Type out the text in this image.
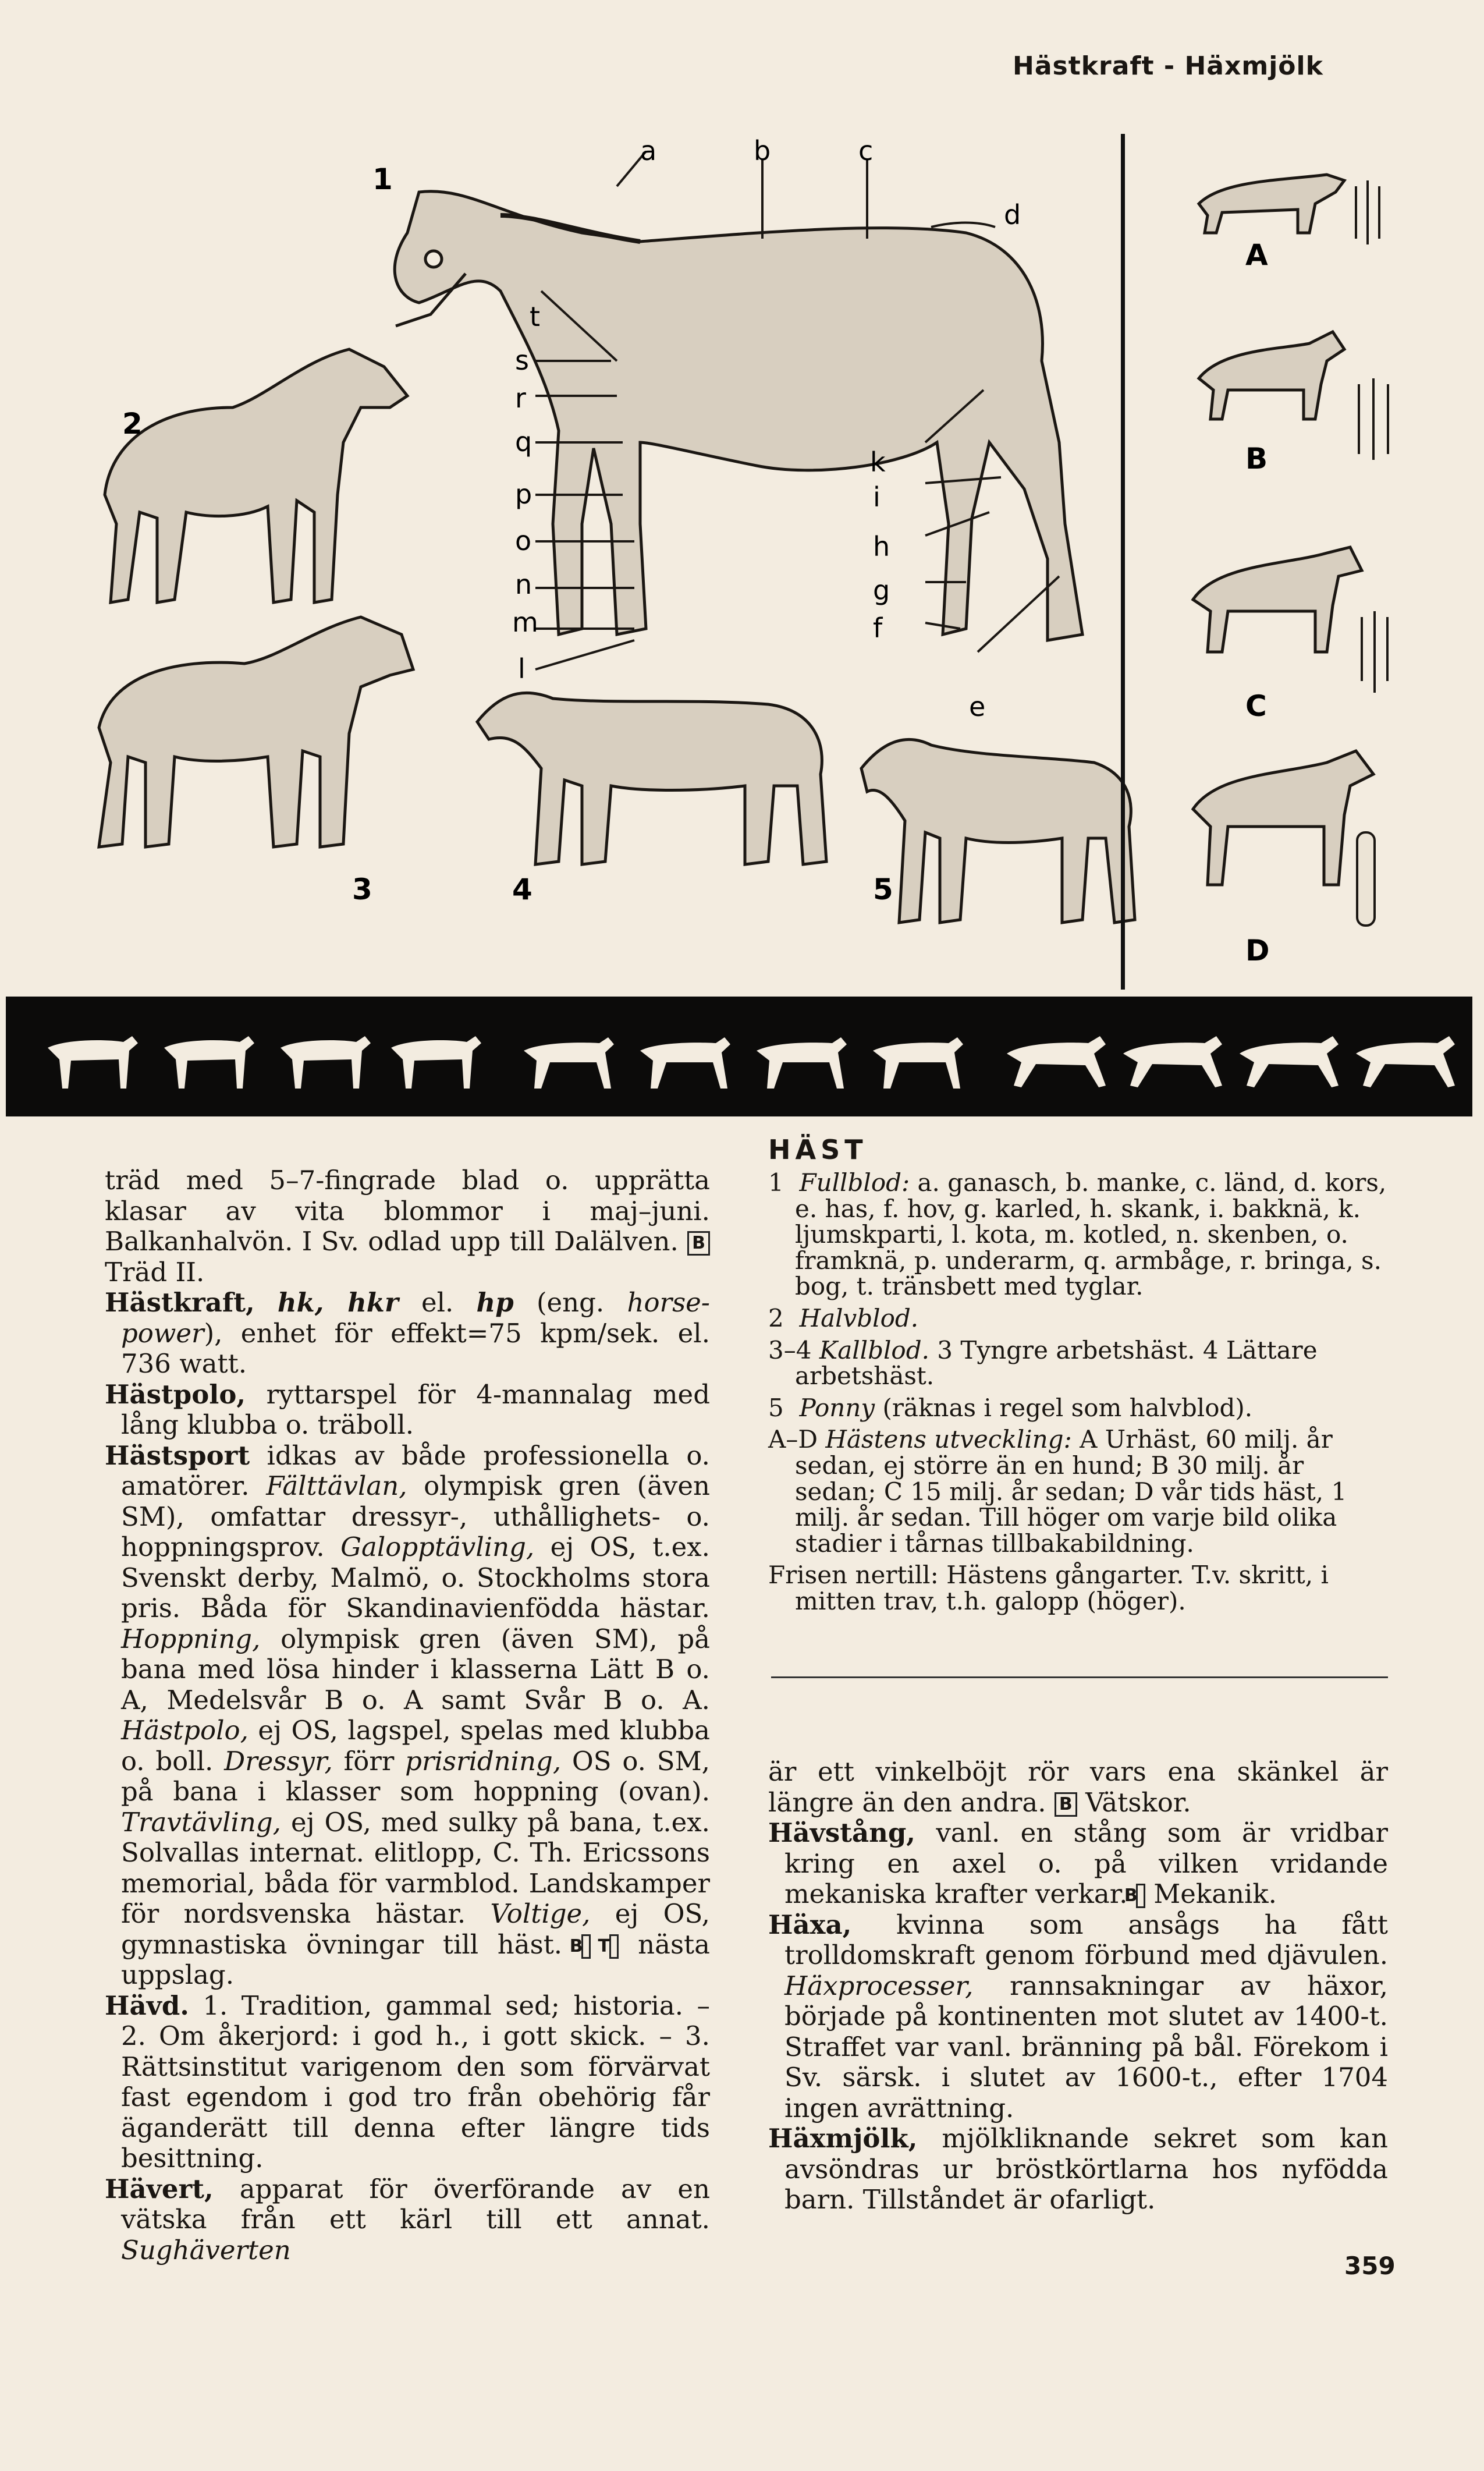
Hästkraft - Häxmjölk
1
a	b	c
d
e
f
g
h
i
k
l
m
n
o
p
q
r
s
t
2
3	4	5
A
B
C
D

träd med 5–7-fingrade blad o. upprätta klasar av vita blommor i maj–juni. Balkanhalvön. I Sv. odlad upp till Dalälven. B Träd II.

Hästkraft, hk, hkr el. hp (eng. horse-power), enhet för effekt=75 kpm/sek. el. 736 watt.

Hästpolo, ryttarspel för 4-mannalag med lång klubba o. träboll.

Hästsport idkas av både professionella o. amatörer. Fälttävlan, olympisk gren (även SM), omfattar dressyr-, uthållighets- o. hoppningsprov. Galopptävling, ej OS, t.ex. Svenskt derby, Malmö, o. Stockholms stora pris. Båda för Skandinavienfödda hästar. Hoppning, olympisk gren (även SM), på bana med lösa hinder i klasserna Lätt B o. A, Medelsvår B o. A samt Svår B o. A. Hästpolo, ej OS, lagspel, spelas med klubba o. boll. Dressyr, förr prisridning, OS o. SM, på bana i klasser som hoppning (ovan). Travtävling, ej OS, med sulky på bana, t.ex. Solvallas internat. elitlopp, C. Th. Ericssons memorial, båda för varmblod. Landskamper för nordsvenska hästar. Voltige, ej OS, gymnastiska övningar till häst. B T nästa uppslag.

Hävd. 1. Tradition, gammal sed; historia. – 2. Om åkerjord: i god h., i gott skick. – 3. Rättsinstitut varigenom den som förvärvat fast egendom i god tro från obehörig får äganderätt till denna efter längre tids besittning.

Hävert, apparat för överförande av en vätska från ett kärl till ett annat. Sughäverten

HÄST

1 Fullblod: a. ganasch, b. manke, c. länd, d. kors, e. has, f. hov, g. karled, h. skank, i. bakknä, k. ljumskparti, l. kota, m. kotled, n. skenben, o. framknä, p. underarm, q. armbåge, r. bringa, s. bog, t. tränsbett med tyglar.

2 Halvblod.

3–4 Kallblod. 3 Tyngre arbetshäst. 4 Lättare arbetshäst.

5 Ponny (räknas i regel som halvblod).

A–D Hästens utveckling: A Urhäst, 60 milj. år sedan, ej större än en hund; B 30 milj. år sedan; C 15 milj. år sedan; D vår tids häst, 1 milj. år sedan. Till höger om varje bild olika stadier i tårnas tillbakabildning.

Frisen nertill: Hästens gångarter. T.v. skritt, i mitten trav, t.h. galopp (höger).

är ett vinkelböjt rör vars ena skänkel är längre än den andra. B Vätskor.

Hävstång, vanl. en stång som är vridbar kring en axel o. på vilken vridande mekaniska krafter verkar. B Mekanik.

Häxa, kvinna som ansågs ha fått trolldomskraft genom förbund med djävulen. Häxprocesser, rannsakningar av häxor, började på kontinenten mot slutet av 1400-t. Straffet var vanl. bränning på bål. Förekom i Sv. särsk. i slutet av 1600-t., efter 1704 ingen avrättning.

Häxmjölk, mjölkliknande sekret som kan avsöndras ur bröstkörtlarna hos nyfödda barn. Tillståndet är ofarligt.

359
